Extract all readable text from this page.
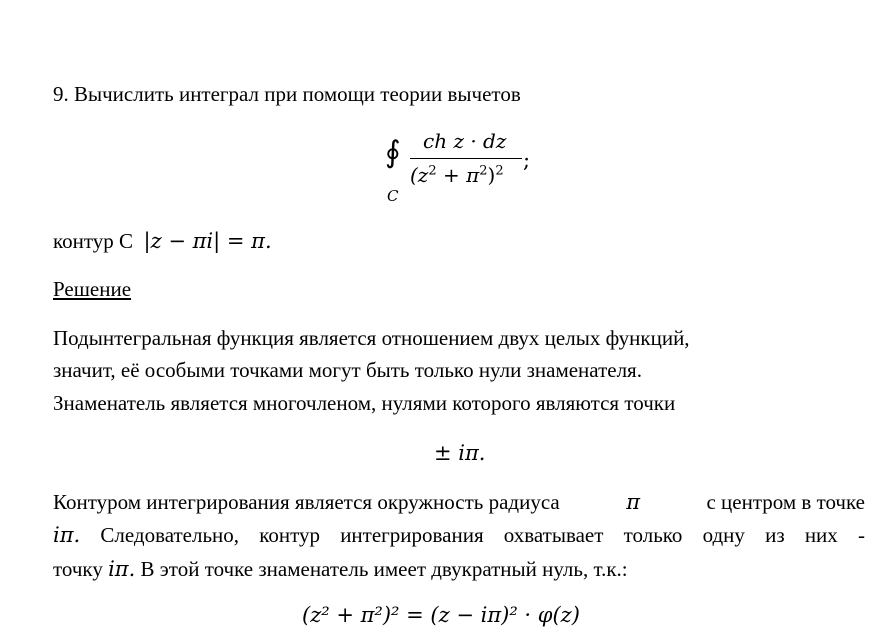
9. Вычислить интеграл при помощи теории вычетов
∮
C
ch z · dz
$(z^2 + \pi^2)^2$ ;
контур С |z − πi| = π.
Решение
Подынтегральная функция является отношением двух целых функций,
значит, её особыми точками могут быть только нули знаменателя.
Знаменатель является многочленом, нулями которого являются точки
± iπ.
Контуром интегрирования является окружность радиуса	π	с центром в точке
iπ. Следовательно, контур интегрирования охватывает только одну из них -
точку iπ. В этой точке знаменатель имеет двукратный нуль, т.к.:
(z² + π²)² = (z − iπ)² · φ(z)
